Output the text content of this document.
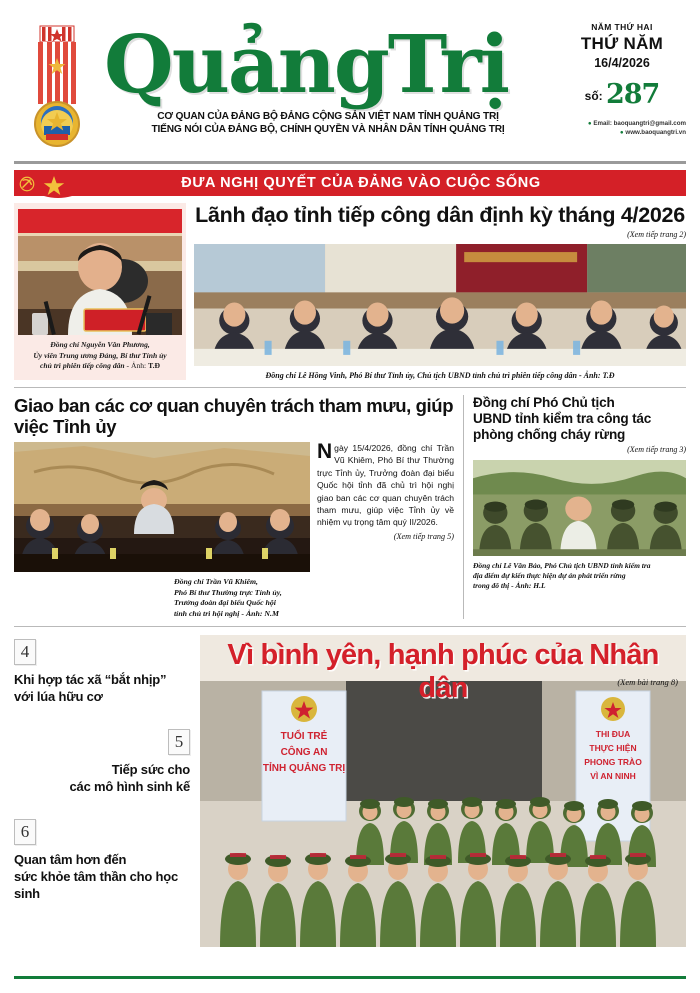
QuảngTrị
CƠ QUAN CỦA ĐẢNG BỘ ĐẢNG CỘNG SẢN VIỆT NAM TỈNH QUẢNG TRỊ
TIẾNG NÓI CỦA ĐẢNG BỘ, CHÍNH QUYỀN VÀ NHÂN DÂN TỈNH QUẢNG TRỊ
NĂM THỨ HAI
THỨ NĂM
16/4/2026
số: 287
● Email: baoquangtri@gmail.com
● www.baoquangtri.vn
ĐƯA NGHỊ QUYẾT CỦA ĐẢNG VÀO CUỘC SỐNG
Đồng chí Nguyễn Văn Phương,
Ủy viên Trung ương Đảng, Bí thư Tỉnh ủy
chủ trì phiên tiếp công dân - Ảnh: T.Đ
Lãnh đạo tỉnh tiếp công dân định kỳ tháng 4/2026
(Xem tiếp trang 2)
Đồng chí Lê Hồng Vinh, Phó Bí thư Tỉnh ủy, Chủ tịch UBND tỉnh chủ trì phiên tiếp công dân - Ảnh: T.Đ
Giao ban các cơ quan chuyên trách tham mưu, giúp việc Tỉnh ủy
Ngày 15/4/2026, đồng chí Trần Vũ Khiêm, Phó Bí thư Thường trực Tỉnh ủy, Trưởng đoàn đại biểu Quốc hội tỉnh đã chủ trì hội nghị giao ban các cơ quan chuyên trách tham mưu, giúp việc Tỉnh ủy về nhiệm vụ trọng tâm quý II/2026.
(Xem tiếp trang 5)
Đồng chí Trần Vũ Khiêm,
Phó Bí thư Thường trực Tỉnh ủy,
Trưởng đoàn đại biểu Quốc hội
tỉnh chủ trì hội nghị - Ảnh: N.M
Đồng chí Phó Chủ tịch
UBND tỉnh kiểm tra công tác
phòng chống cháy rừng
(Xem tiếp trang 3)
Đồng chí Lê Văn Bảo, Phó Chủ tịch UBND tỉnh kiểm tra
địa điểm dự kiến thực hiện dự án phát triển rừng
trong đô thị - Ảnh: H.L
4
Khi hợp tác xã “bắt nhịp”
với lúa hữu cơ
5
Tiếp sức cho
các mô hình sinh kế
6
Quan tâm hơn đến
sức khỏe tâm thần cho học sinh
TUỔI TRẺ
CÔNG AN
TỈNH QUẢNG TRỊ
THI ĐUA
THỰC HIỆN
PHONG TRÀO
VÌ AN NINH
Vì bình yên, hạnh phúc của Nhân dân	(Xem bài trang 8)
